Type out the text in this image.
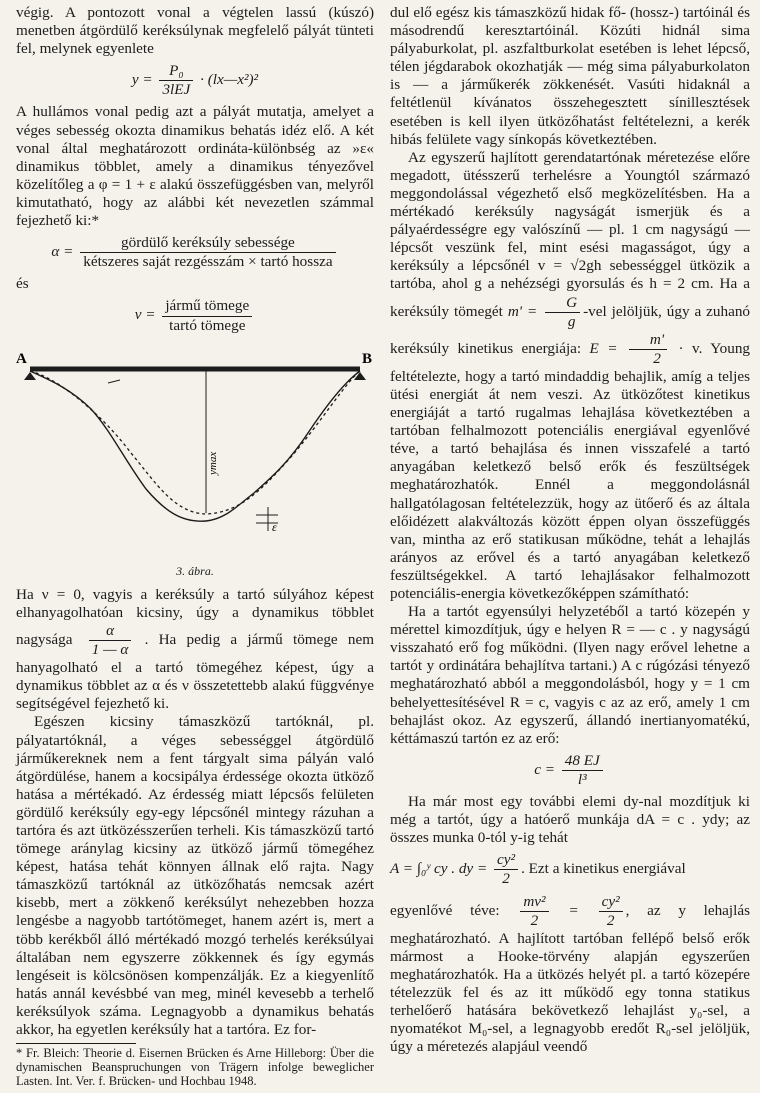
végig. A pontozott vonal a végtelen lassú (kúszó) menetben átgördülő keréksúlynak megfelelő pályát tünteti fel, melynek egyenlete

y =
P₀
3lEJ
· (lx—x²)²

A hullámos vonal pedig azt a pályát mutatja, amelyet a véges sebesség okozta dinamikus behatás idéz elő. A két vonal által meghatározott ordináta-különbség az »ε« dinamikus többlet, amely a dinamikus tényezővel közelítőleg a φ = 1 + ε alakú összefüggésben van, melyről kimutatható, hogy az alábbi két nevezetlen számmal fejezhető ki:*

α =
gördülő keréksúly sebessége
kétszeres saját rezgésszám × tartó hossza

és

ν =
jármű tömege
tartó tömege
A	B
ymax
ε
3. ábra.

Ha ν = 0, vagyis a keréksúly a tartó súlyához képest elhanyagolhatóan kicsiny, úgy a dynamikus többlet nagysága $\frac{\alpha}{1 — \alpha}$ . Ha pedig a jármű tömege nem hanyagolható el a tartó tömegéhez képest, úgy a dynamikus többlet az α és ν összetettebb alakú függvénye segítségével fejezhető ki.

Egészen kicsiny támaszközű tartóknál, pl. pályatartóknál, a véges sebességgel átgördülő járműkereknek nem a fent tárgyalt sima pályán való átgördülése, hanem a kocsipálya érdessége okozta ütköző hatása a mértékadó. Az érdesség miatt lépcsős felületen gördülő keréksúly egy-egy lépcsőnél mintegy rázuhan a tartóra és azt ütközésszerűen terheli. Kis támaszközű tartó tömege aránylag kicsiny az ütköző jármű tömegéhez képest, hatása tehát könnyen állnak elő rajta. Nagy támaszközű tartóknál az ütközőhatás nemcsak azért kisebb, mert a zökkenő keréksúlyt nehezebben hozza lengésbe a nagyobb tartótömeget, hanem azért is, mert a több kerékből álló mértékadó mozgó terhelés keréksúlyai általában nem egyszerre zökkennek és így egymás lengéseit is kölcsönösen kompenzálják. Ez a kiegyenlítő hatás annál kevésbbé van meg, minél kevesebb a terhelő keréksúlyok száma. Legnagyobb a dynamikus behatás akkor, ha egyetlen keréksúly hat a tartóra. Ez for-

* Fr. Bleich: Theorie d. Eisernen Brücken és Arne Hilleborg: Über die dynamischen Beanspruchungen von Trägern infolge beweglicher Lasten. Int. Ver. f. Brücken- und Hochbau 1948.

dul elő egész kis támaszközű hidak fő- (hossz-) tartóinál és másodrendű keresztartóinál. Közúti hidnál sima pályaburkolat, pl. aszfaltburkolat esetében is lehet lépcső, télen jégdarabok okozhatják — még sima pályaburkolaton is — a járműkerék zökkenését. Vasúti hidaknál a feltétlenül kívánatos összehegesztett sínillesztések esetében is kell ilyen ütközőhatást feltételezni, a kerék hibás felülete vagy sínkopás következtében.

Az egyszerű hajlított gerendatartónak méretezése előre megadott, ütésszerű terhelésre a Youngtól származó meggondolással végezhető első megközelítésben. Ha a mértékadó keréksúly nagyságát ismerjük és a pályaérdességre egy valószínű — pl. 1 cm nagyságú — lépcsőt veszünk fel, mint esési magasságot, úgy a keréksúly a lépcsőnél v = √2gh sebességgel ütközik a tartóba, ahol g a nehézségi gyorsulás és h = 2 cm. Ha a keréksúly tömegét $m' = \frac{G}{g} -vel$ jelöljük, úgy a zuhanó keréksúly kinetikus energiája: $E = \frac{m'}{2} \cdot v$. Young feltételezte, hogy a tartó mindaddig behajlik, amíg a teljes ütési energiát át nem veszi. Az ütközőtest kinetikus energiáját a tartó rugalmas lehajlása következtében a tartóban felhalmozott potenciális energiával egyenlővé téve, a tartó behajlása és innen visszafelé a tartó anyagában keletkező belső erők és feszültségek meghatározhatók. Ennél a meggondolásnál hallgatólagosan feltételezzük, hogy az ütőerő és az általa előidézett alakváltozás között éppen olyan összefüggés van, mintha az erő statikusan működne, tehát a lehajlás arányos az erővel és a tartó anyagában keletkező feszültségekkel. A tartó lehajlásakor felhalmozott potenciális-energia következőképpen számítható:

Ha a tartót egyensúlyi helyzetéből a tartó közepén y mérettel kimozdítjuk, úgy e helyen R = — c . y nagyságú visszaható erő fog működni. (Ilyen nagy erővel lehetne a tartót y ordinátára behajlítva tartani.) A c rúgózási tényező meghatározható abból a meggondolásból, hogy y = 1 cm behelyettesítésével R = c, vagyis c az az erő, amely 1 cm behajlást okoz. Az egyszerű, állandó inertianyomatékú, kéttámaszú tartón ez az erő:

$c = \frac{48 EJ}{\text{l³}}$

Ha már most egy további elemi dy-nal mozdítjuk ki még a tartót, úgy a hatóerő munkája dA = c . ydy; az összes munka 0-tól y-ig tehát

A = ∫₀ʸ cy . dy = $\frac{\text{cy²}}{2}$ . Ezt a kinetikus energiával

egyenlővé téve: $\frac{\text{mv²}}{2} = \frac{\text{cy²}}{2}$ , az y lehajlás meghatározható. A hajlított tartóban fellépő belső erők mármost a Hooke-törvény alapján egyszerűen meghatározhatók. Ha a ütközés helyét pl. a tartó közepére tételezzük fel és az itt működő egy tonna statikus terhelőerő hatására bekövetkező lehajlást y₀-sel, a nyomatékot M₀-sel, a legnagyobb eredőt R₀-sel jelöljük, úgy a méretezés alapjául veendő
